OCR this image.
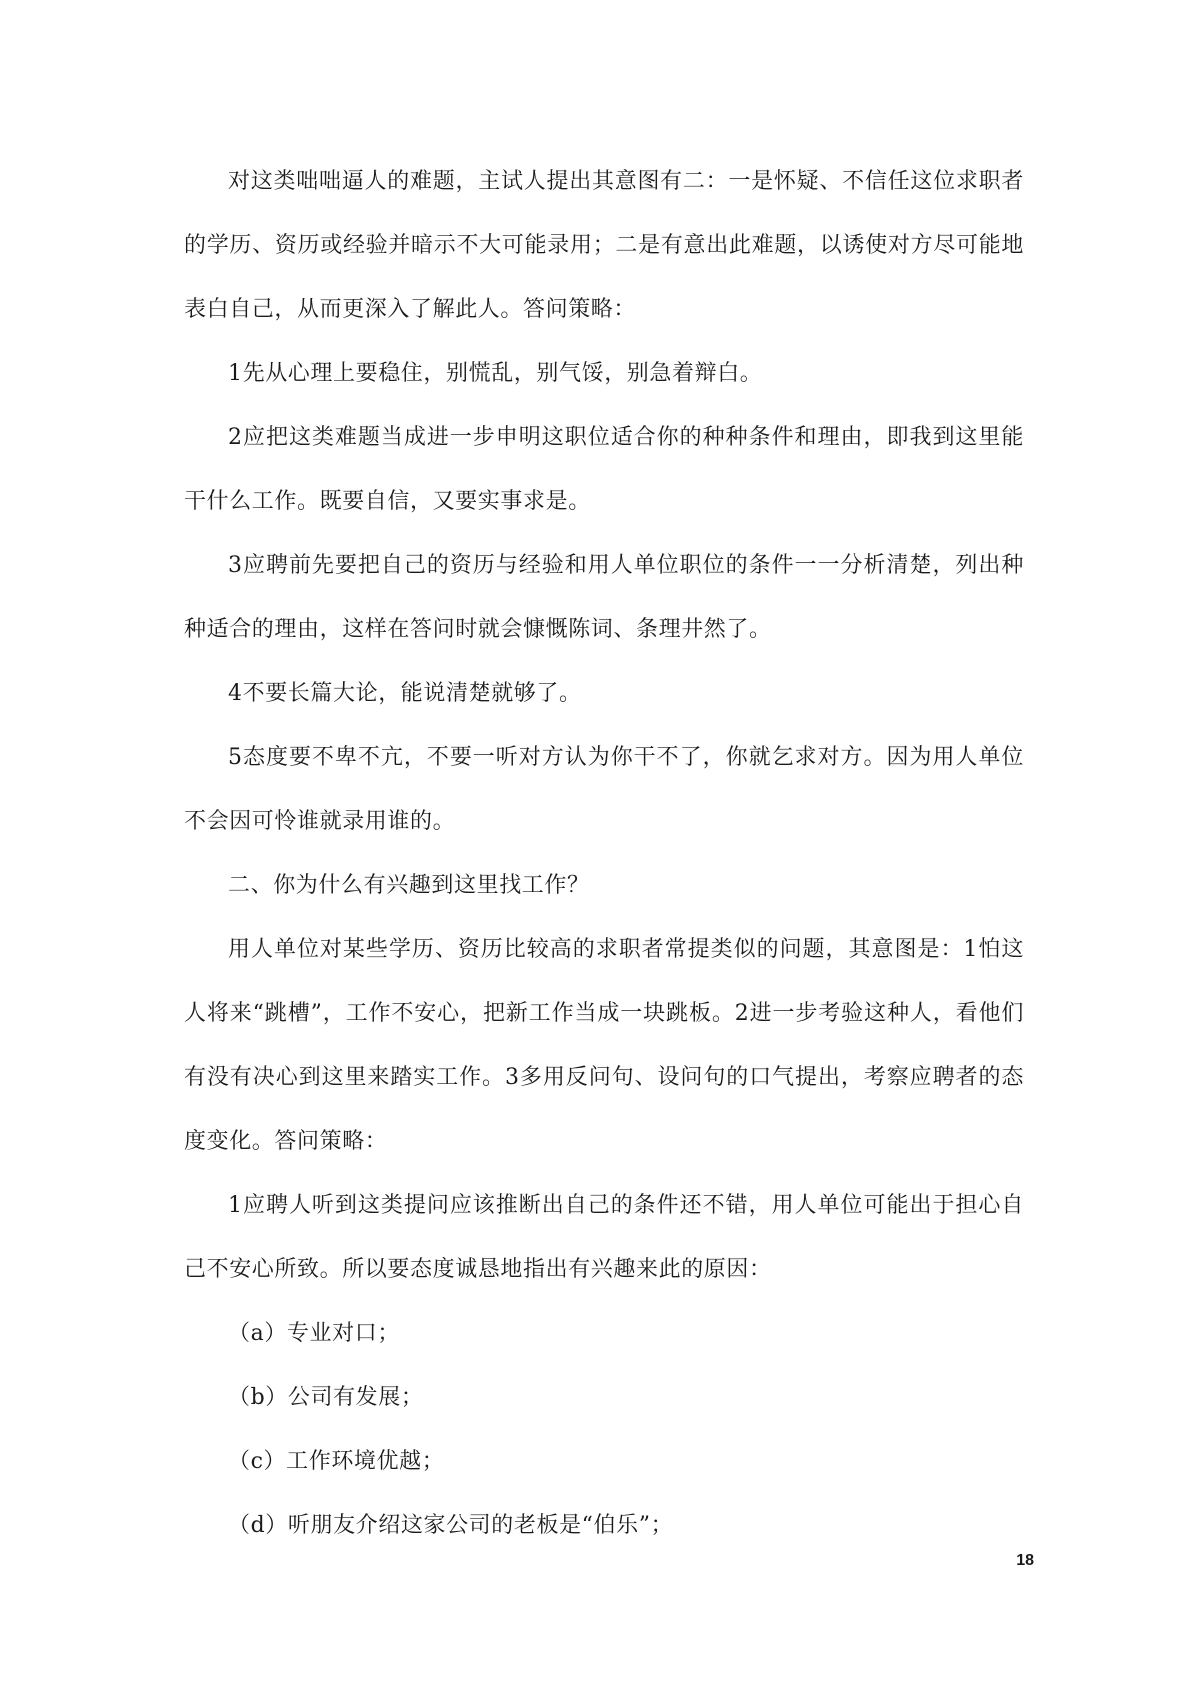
对这类咄咄逼人的难题，主试人提出其意图有二：一是怀疑、不信任这位求职者的学历、资历或经验并暗示不大可能录用；二是有意出此难题，以诱使对方尽可能地表白自己，从而更深入了解此人。答问策略：

1先从心理上要稳住，别慌乱，别气馁，别急着辩白。

2应把这类难题当成进一步申明这职位适合你的种种条件和理由，即我到这里能干什么工作。既要自信，又要实事求是。

3应聘前先要把自己的资历与经验和用人单位职位的条件一一分析清楚，列出种种适合的理由，这样在答问时就会慷慨陈词、条理井然了。

4不要长篇大论，能说清楚就够了。

5态度要不卑不亢，不要一听对方认为你干不了，你就乞求对方。因为用人单位不会因可怜谁就录用谁的。

二、你为什么有兴趣到这里找工作？

用人单位对某些学历、资历比较高的求职者常提类似的问题，其意图是：1怕这人将来“跳槽”，工作不安心，把新工作当成一块跳板。2进一步考验这种人，看他们有没有决心到这里来踏实工作。3多用反问句、设问句的口气提出，考察应聘者的态度变化。答问策略：

1应聘人听到这类提问应该推断出自己的条件还不错，用人单位可能出于担心自己不安心所致。所以要态度诚恳地指出有兴趣来此的原因：

（a）专业对口；

（b）公司有发展；

（c）工作环境优越；

（d）听朋友介绍这家公司的老板是“伯乐”；

18
